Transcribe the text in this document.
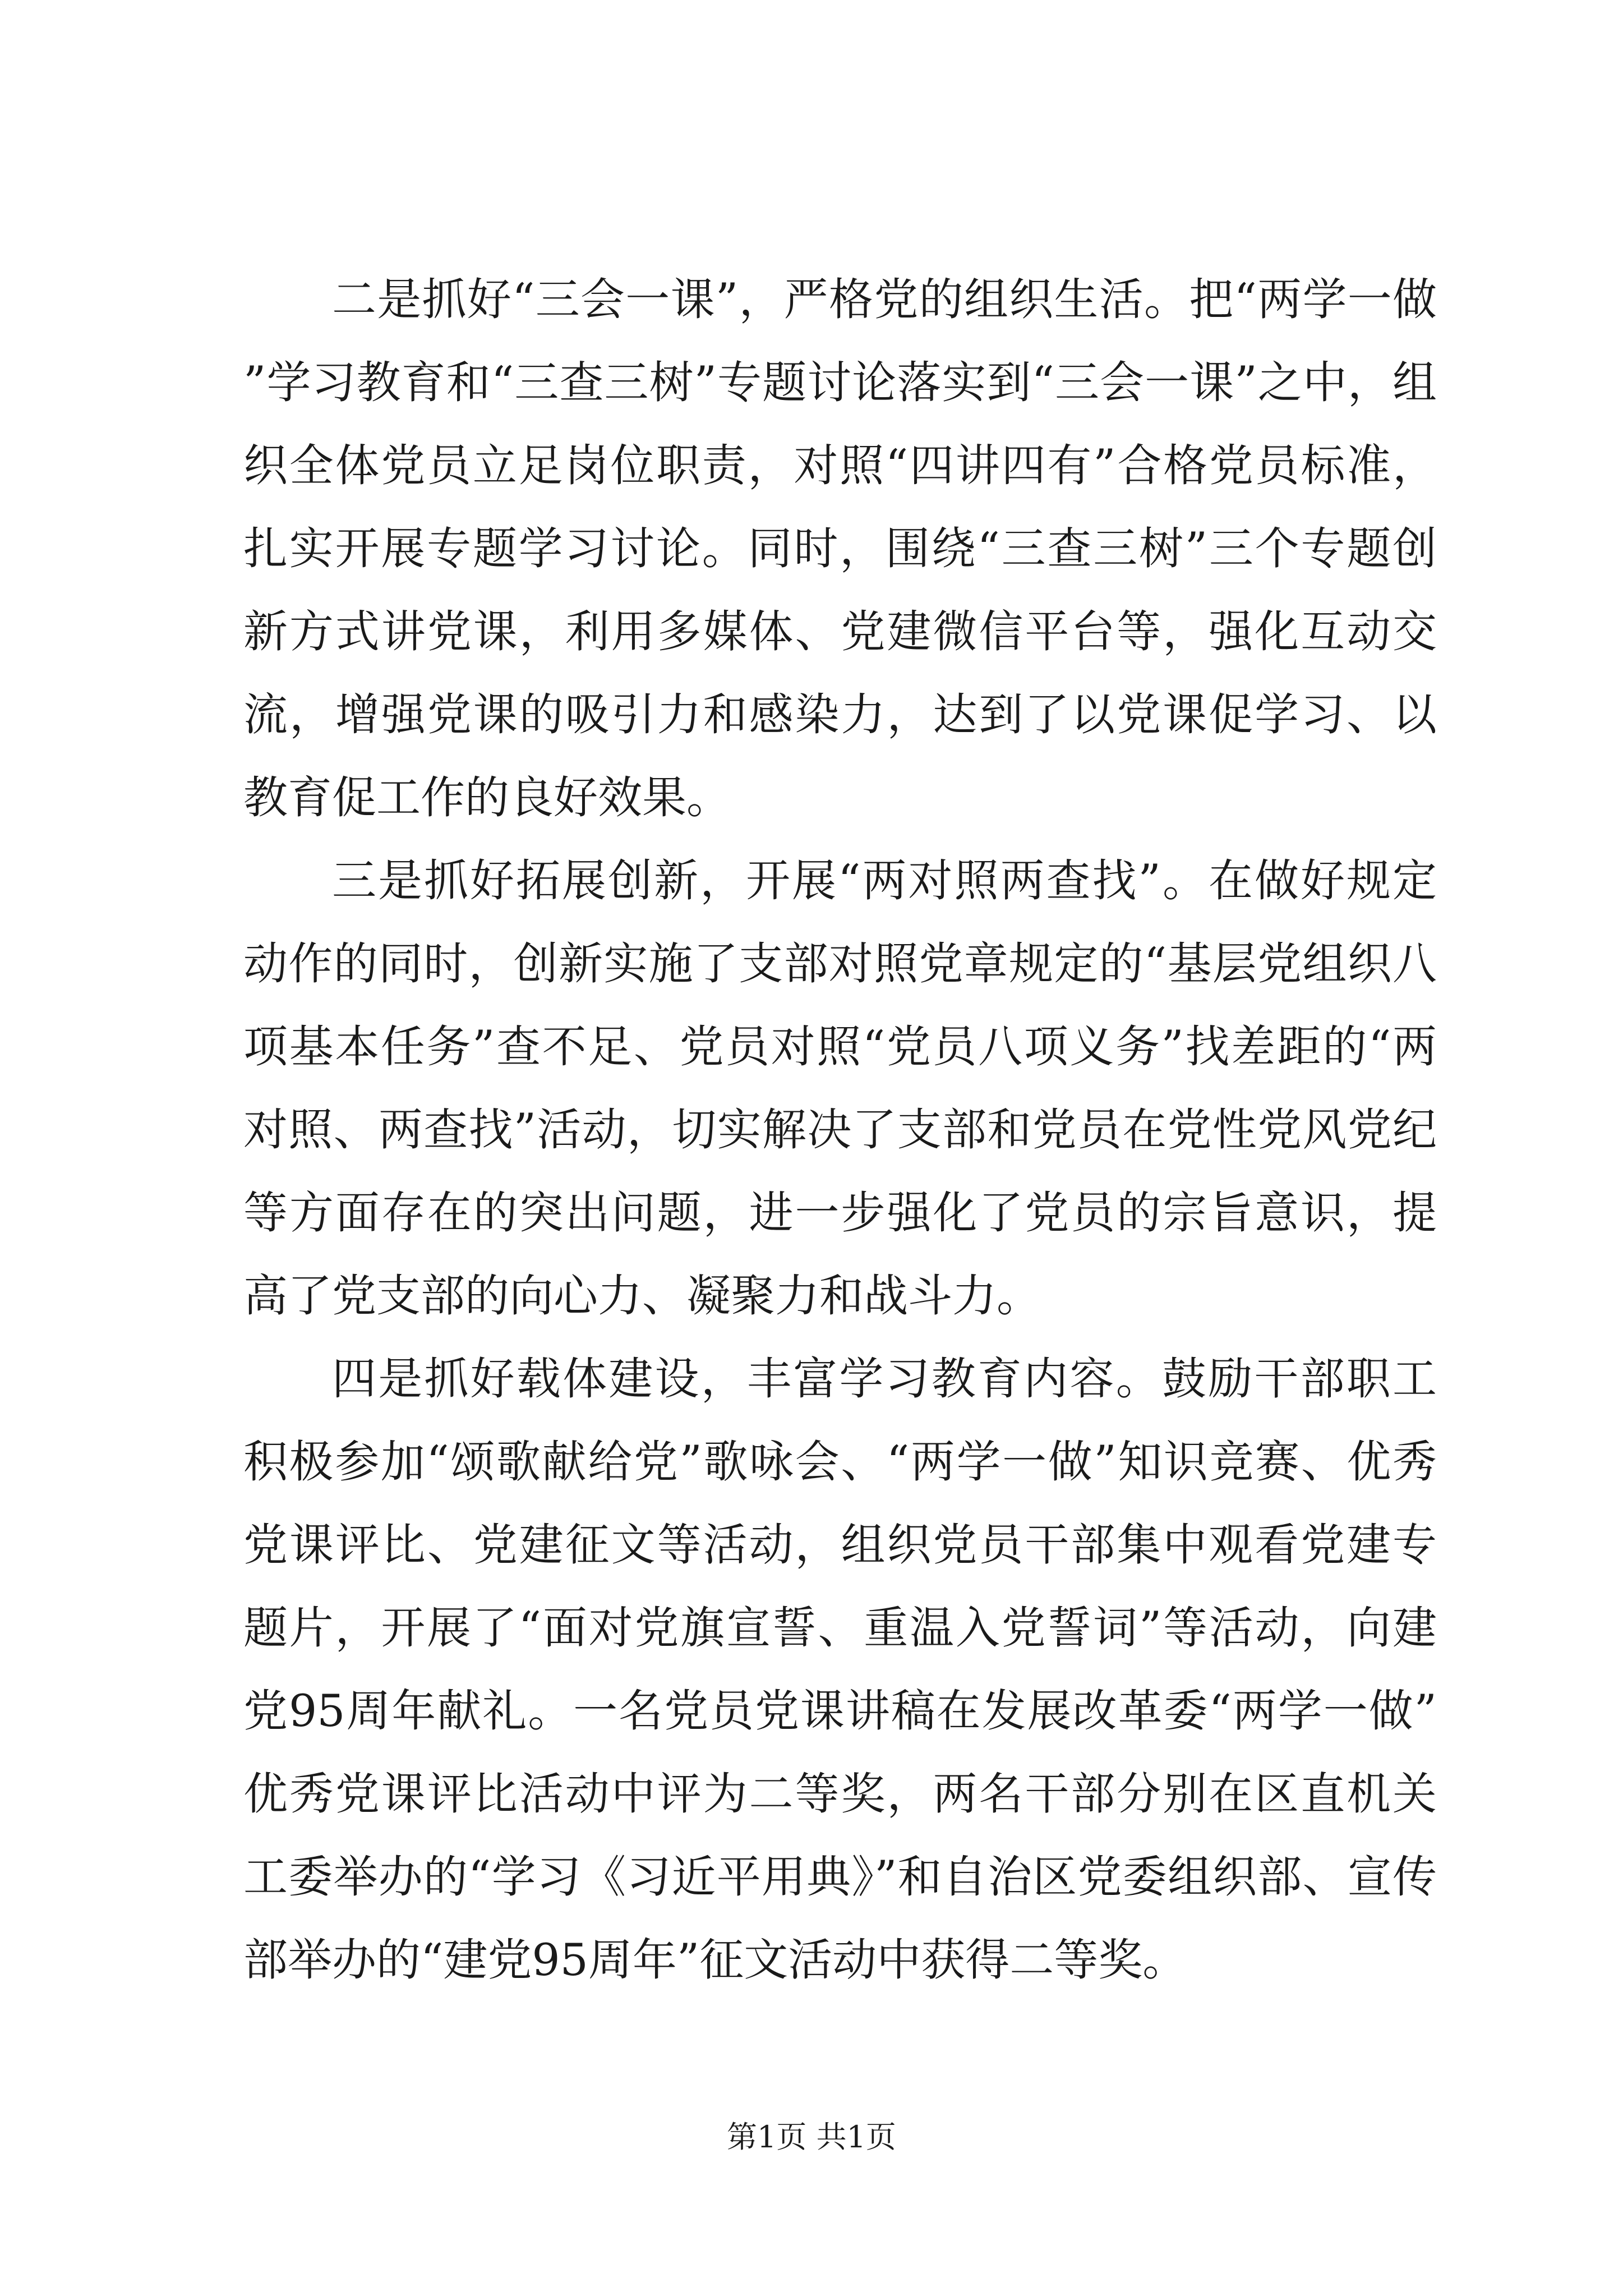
二是抓好“三会一课”，严格党的组织生活。把“两学一做”学习教育和“三查三树”专题讨论落实到“三会一课”之中，组织全体党员立足岗位职责，对照“四讲四有”合格党员标准，扎实开展专题学习讨论。同时，围绕“三查三树”三个专题创新方式讲党课，利用多媒体、党建微信平台等，强化互动交流，增强党课的吸引力和感染力，达到了以党课促学习、以教育促工作的良好效果。

三是抓好拓展创新，开展“两对照两查找”。在做好规定动作的同时，创新实施了支部对照党章规定的“基层党组织八项基本任务”查不足、党员对照“党员八项义务”找差距的“两对照、两查找”活动，切实解决了支部和党员在党性党风党纪等方面存在的突出问题，进一步强化了党员的宗旨意识，提高了党支部的向心力、凝聚力和战斗力。

四是抓好载体建设，丰富学习教育内容。鼓励干部职工积极参加“颂歌献给党”歌咏会、“两学一做”知识竞赛、优秀党课评比、党建征文等活动，组织党员干部集中观看党建专题片，开展了“面对党旗宣誓、重温入党誓词”等活动，向建党95周年献礼。一名党员党课讲稿在发展改革委“两学一做”优秀党课评比活动中评为二等奖，两名干部分别在区直机关工委举办的“学习《习近平用典》”和自治区党委组织部、宣传部举办的“建党95周年”征文活动中获得二等奖。

第1页 共1页
